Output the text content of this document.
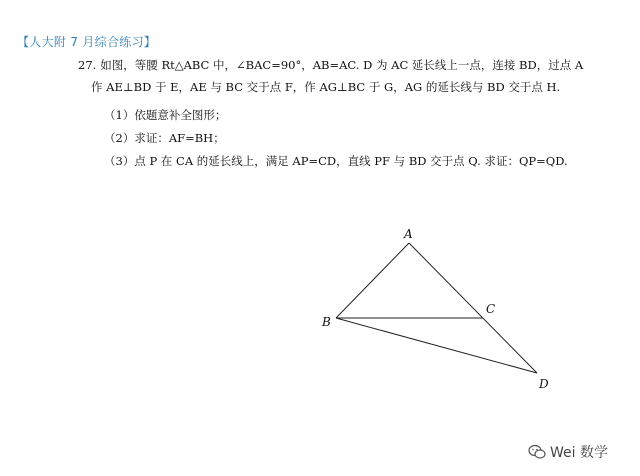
【人大附 7 月综合练习】
27. 如图，等腰 Rt△ABC 中，∠BAC=90°，AB=AC. D 为 AC 延长线上一点，连接 BD，过点 A
作 AE⊥BD 于 E，AE 与 BC 交于点 F，作 AG⊥BC 于 G，AG 的延长线与 BD 交于点 H.
（1）依题意补全图形；
（2）求证：AF=BH；
（3）点 P 在 CA 的延长线上，满足 AP=CD，直线 PF 与 BD 交于点 Q. 求证：QP=QD.
A
B
C
D
Wei 数学
